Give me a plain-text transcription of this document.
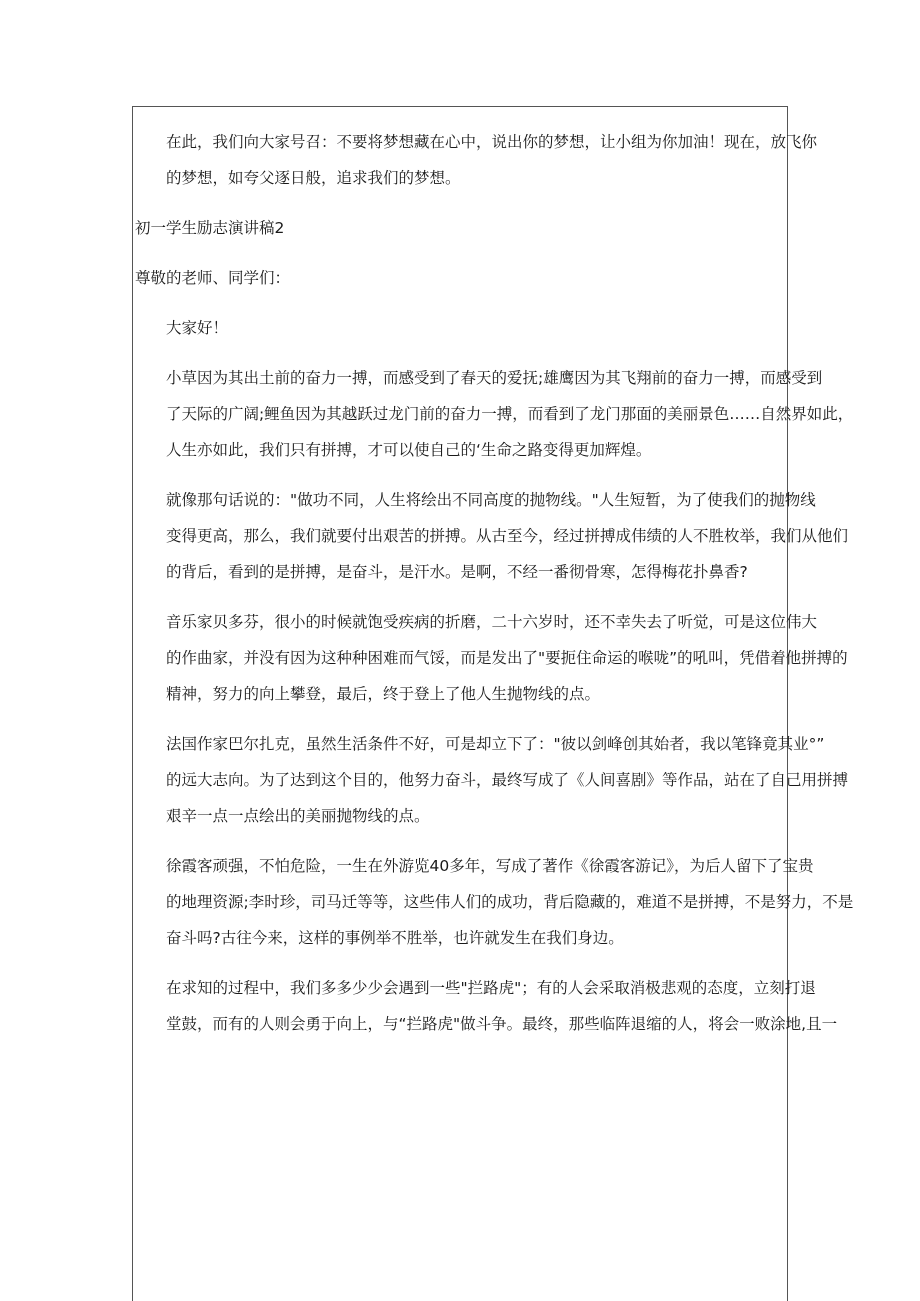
在此，我们向大家号召：不要将梦想藏在心中，说出你的梦想，让小组为你加油！现在，放飞你
的梦想，如夸父逐日般，追求我们的梦想。
初一学生励志演讲稿2
尊敬的老师、同学们：
大家好！
小草因为其出土前的奋力一搏，而感受到了春天的爱抚;雄鹰因为其飞翔前的奋力一搏，而感受到
了天际的广阔;鲤鱼因为其越跃过龙门前的奋力一搏，而看到了龙门那面的美丽景色……自然界如此，
人生亦如此，我们只有拼搏，才可以使自己的‘生命之路变得更加辉煌。
就像那句话说的："做功不同，人生将绘出不同高度的抛物线。"人生短暂，为了使我们的抛物线
变得更高，那么，我们就要付出艰苦的拼搏。从古至今，经过拼搏成伟绩的人不胜枚举，我们从他们
的背后，看到的是拼搏，是奋斗，是汗水。是啊，不经一番彻骨寒，怎得梅花扑鼻香?
音乐家贝多芬，很小的时候就饱受疾病的折磨，二十六岁时，还不幸失去了听觉，可是这位伟大
的作曲家，并没有因为这种种困难而气馁，而是发出了"要扼住命运的喉咙”的吼叫，凭借着他拼搏的
精神，努力的向上攀登，最后，终于登上了他人生抛物线的点。
法国作家巴尔扎克，虽然生活条件不好，可是却立下了："彼以剑峰创其始者，我以笔锋竟其业°”
的远大志向。为了达到这个目的，他努力奋斗，最终写成了《人间喜剧》等作品，站在了自己用拼搏
艰辛一点一点绘出的美丽抛物线的点。
徐霞客顽强，不怕危险，一生在外游览40多年，写成了著作《徐霞客游记》，为后人留下了宝贵
的地理资源;李时珍，司马迁等等，这些伟人们的成功，背后隐藏的，难道不是拼搏，不是努力，不是
奋斗吗?古往今来，这样的事例举不胜举，也许就发生在我们身边。
在求知的过程中，我们多多少少会遇到一些"拦路虎"；有的人会采取消极悲观的态度，立刻打退
堂鼓，而有的人则会勇于向上，与“拦路虎"做斗争。最终，那些临阵退缩的人，将会一败涂地,且一
